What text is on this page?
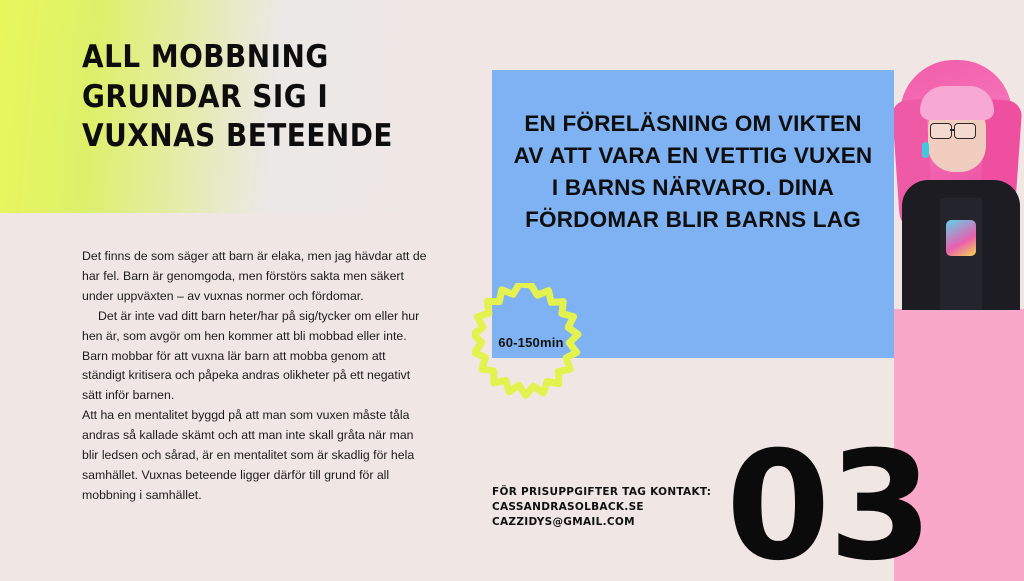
ALL MOBBNING GRUNDAR SIG I VUXNAS BETEENDE

Det finns de som säger att barn är elaka, men jag hävdar att de har fel. Barn är genomgoda, men förstörs sakta men säkert under uppväxten – av vuxnas normer och fördomar.

Det är inte vad ditt barn heter/har på sig/tycker om eller hur hen är, som avgör om hen kommer att bli mobbad eller inte. Barn mobbar för att vuxna lär barn att mobba genom att ständigt kritisera och påpeka andras olikheter på ett negativt sätt inför barnen.

Att ha en mentalitet byggd på att man som vuxen måste tåla andras så kallade skämt och att man inte skall gråta när man blir ledsen och sårad, är en mentalitet som är skadlig för hela samhället. Vuxnas beteende ligger därför till grund för all mobbning i samhället.

EN FÖRELÄSNING OM VIKTEN AV ATT VARA EN VETTIG VUXEN I BARNS NÄRVARO. DINA FÖRDOMAR BLIR BARNS LAG

60-150min
FÖR PRISUPPGIFTER TAG KONTAKT:
CASSANDRASOLBACK.SE
CAZZIDYS@GMAIL.COM 03
